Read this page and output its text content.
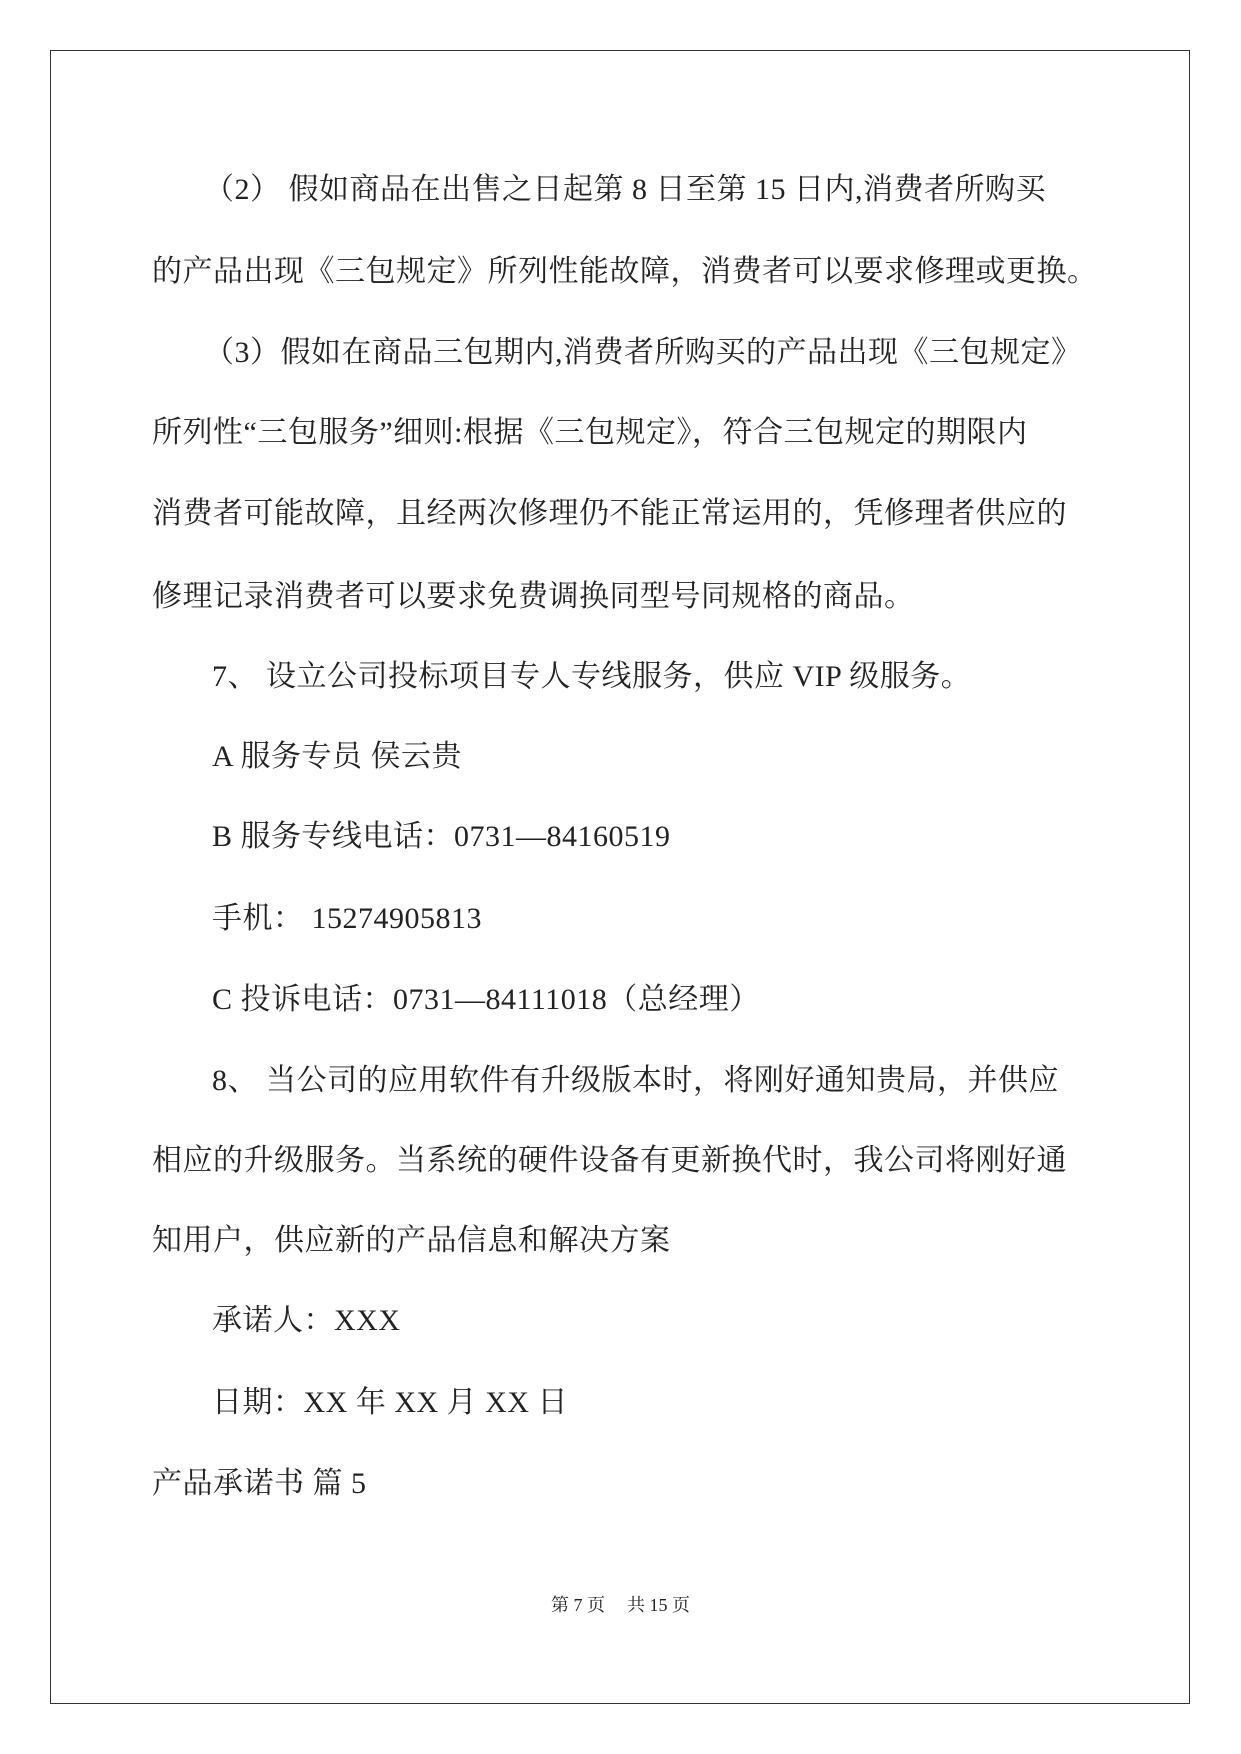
（2） 假如商品在出售之日起第 8 日至第 15 日内,消费者所购买
的产品出现《三包规定》所列性能故障，消费者可以要求修理或更换。
（3）假如在商品三包期内,消费者所购买的产品出现《三包规定》
所列性“三包服务”细则:根据《三包规定》，符合三包规定的期限内
消费者可能故障，且经两次修理仍不能正常运用的，凭修理者供应的
修理记录消费者可以要求免费调换同型号同规格的商品。
7、 设立公司投标项目专人专线服务，供应 VIP 级服务。
A 服务专员 侯云贵
B 服务专线电话：0731—84160519
手机： 15274905813
C 投诉电话：0731—84111018（总经理）
8、 当公司的应用软件有升级版本时，将刚好通知贵局，并供应
相应的升级服务。当系统的硬件设备有更新换代时，我公司将刚好通
知用户，供应新的产品信息和解决方案
承诺人：XXX
日期：XX 年 XX 月 XX 日
产品承诺书 篇 5
第 7 页 共 15 页
